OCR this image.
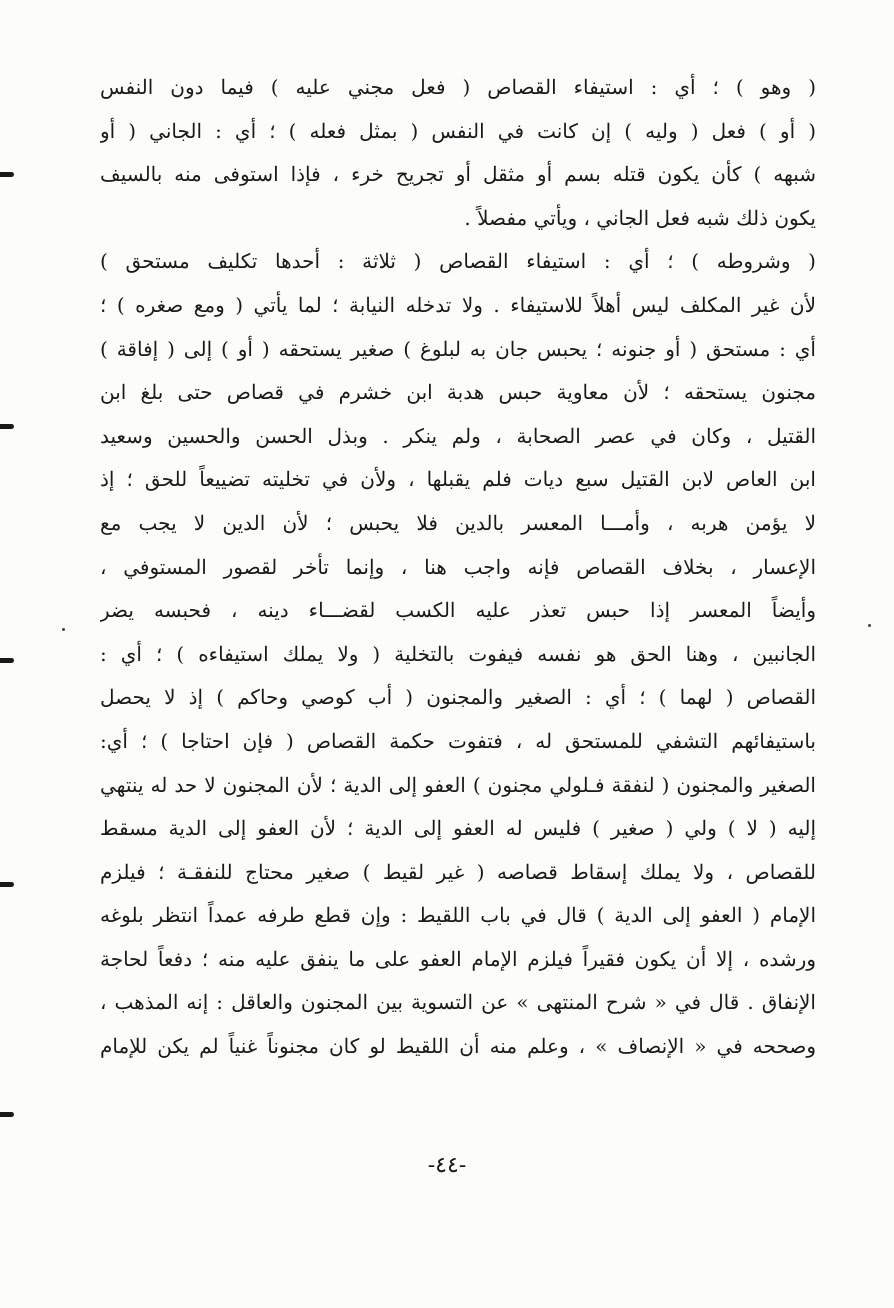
( وهو ) ؛ أي : استيفاء القصاص ( فعل مجني عليه ) فيما دون النفس
( أو ) فعل ( وليه ) إن كانت في النفس ( بمثل فعله ) ؛ أي : الجاني ( أو
شبهه ) كأن يكون قتله بسم أو مثقل أو تجريح خرء ، فإذا استوفى منه بالسيف
يكون ذلك شبه فعل الجاني ، ويأتي مفصلاً .
( وشروطه ) ؛ أي : استيفاء القصاص ( ثلاثة : أحدها تكليف مستحق )
لأن غير المكلف ليس أهلاً للاستيفاء . ولا تدخله النيابة ؛ لما يأتي ( ومع صغره ) ؛
أي : مستحق ( أو جنونه ؛ يحبس جان به لبلوغ ) صغير يستحقه ( أو ) إلى ( إفاقة )
مجنون يستحقه ؛ لأن معاوية حبس هدبة ابن خشرم في قصاص حتى بلغ ابن
القتيل ، وكان في عصر الصحابة ، ولم ينكر . وبذل الحسن والحسين وسعيد
ابن العاص لابن القتيل سبع ديات فلم يقبلها ، ولأن في تخليته تضييعاً للحق ؛ إذ
لا يؤمن هربه ، وأمـــا المعسر بالدين فلا يحبس ؛ لأن الدين لا يجب مع
الإعسار ، بخلاف القصاص فإنه واجب هنا ، وإنما تأخر لقصور المستوفي ،
وأيضاً المعسر إذا حبس تعذر عليه الكسب لقضـــاء دينه ، فحبسه يضر
الجانبين ، وهنا الحق هو نفسه فيفوت بالتخلية ( ولا يملك استيفاءه ) ؛ أي :
القصاص ( لهما ) ؛ أي : الصغير والمجنون ( أب كوصي وحاكم ) إذ لا يحصل
باستيفائهم التشفي للمستحق له ، فتفوت حكمة القصاص ( فإن احتاجا ) ؛ أي:
الصغير والمجنون ( لنفقة فـلولي مجنون ) العفو إلى الدية ؛ لأن المجنون لا حد له ينتهي
إليه ( لا ) ولي ( صغير ) فليس له العفو إلى الدية ؛ لأن العفو إلى الدية مسقط
للقصاص ، ولا يملك إسقاط قصاصه ( غير لقيط ) صغير محتاج للنفقـة ؛ فيلزم
الإمام ( العفو إلى الدية ) قال في باب اللقيط : وإن قطع طرفه عمداً انتظر بلوغه
ورشده ، إلا أن يكون فقيراً فيلزم الإمام العفو على ما ينفق عليه منه ؛ دفعاً لحاجة
الإنفاق . قال في « شرح المنتهى » عن التسوية بين المجنون والعاقل : إنه المذهب ،
وصححه في « الإنصاف » ، وعلم منه أن اللقيط لو كان مجنوناً غنياً لم يكن للإمام
-٤٤-
